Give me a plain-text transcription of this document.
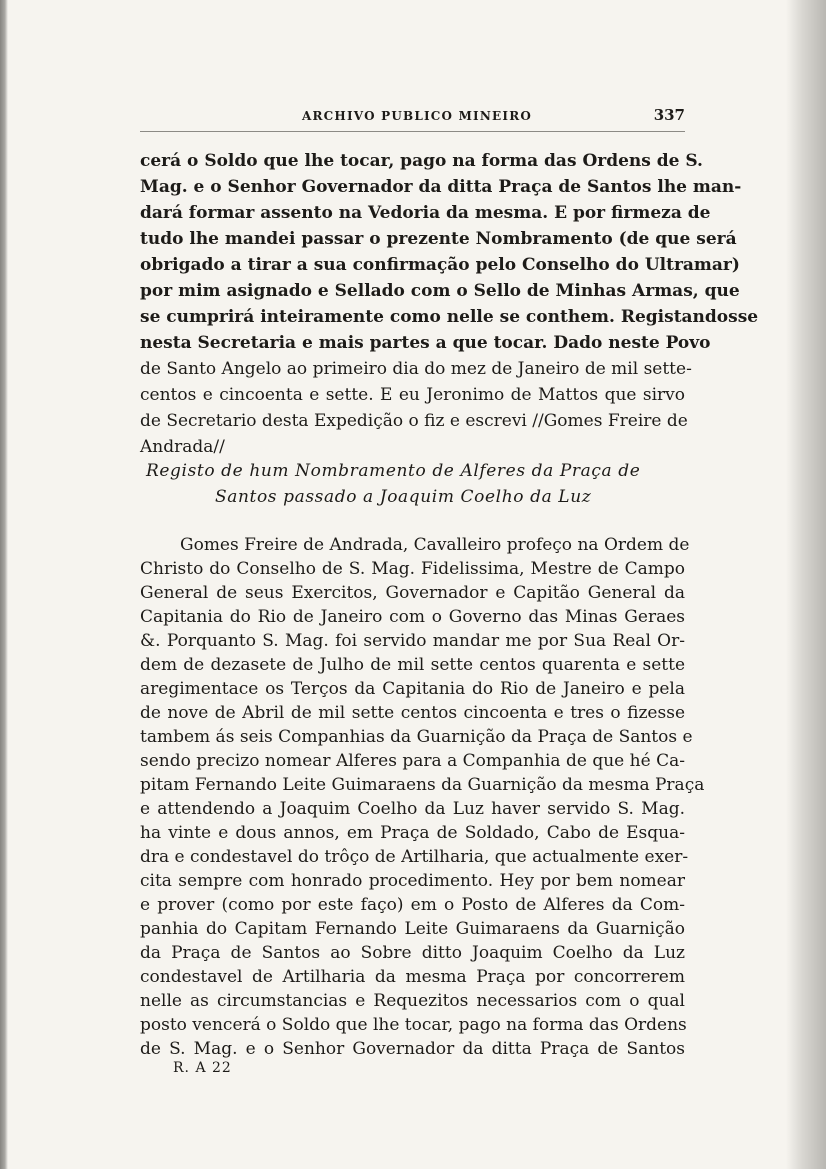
ARCHIVO PUBLICO MINEIRO	337
cerá o Soldo que lhe tocar, pago na forma das Ordens de S.
Mag. e o Senhor Governador da ditta Praça de Santos lhe man-
dará formar assento na Vedoria da mesma. E por firmeza de
tudo lhe mandei passar o prezente Nombramento (de que será
obrigado a tirar a sua confirmação pelo Conselho do Ultramar)
por mim asignado e Sellado com o Sello de Minhas Armas, que
se cumprirá inteiramente como nelle se conthem. Registandosse
nesta Secretaria e mais partes a que tocar. Dado neste Povo
de Santo Angelo ao primeiro dia do mez de Janeiro de mil sette-
centos e cincoenta e sette. E eu Jeronimo de Mattos que sirvo
de Secretario desta Expedição o fiz e escrevi //Gomes Freire de
Andrada//
Registo de hum Nombramento de Alferes da Praça de
Santos passado a Joaquim Coelho da Luz
Gomes Freire de Andrada, Cavalleiro profeço na Ordem de
Christo do Conselho de S. Mag. Fidelissima, Mestre de Campo
General de seus Exercitos, Governador e Capitão General da
Capitania do Rio de Janeiro com o Governo das Minas Geraes
&. Porquanto S. Mag. foi servido mandar me por Sua Real Or-
dem de dezasete de Julho de mil sette centos quarenta e sette
aregimentace os Terços da Capitania do Rio de Janeiro e pela
de nove de Abril de mil sette centos cincoenta e tres o fizesse
tambem ás seis Companhias da Guarnição da Praça de Santos e
sendo precizo nomear Alferes para a Companhia de que hé Ca-
pitam Fernando Leite Guimaraens da Guarnição da mesma Praça
e attendendo a Joaquim Coelho da Luz haver servido S. Mag.
ha vinte e dous annos, em Praça de Soldado, Cabo de Esqua-
dra e condestavel do trôço de Artilharia, que actualmente exer-
cita sempre com honrado procedimento. Hey por bem nomear
e prover (como por este faço) em o Posto de Alferes da Com-
panhia do Capitam Fernando Leite Guimaraens da Guarnição
da Praça de Santos ao Sobre ditto Joaquim Coelho da Luz
condestavel de Artilharia da mesma Praça por concorrerem
nelle as circumstancias e Requezitos necessarios com o qual
posto vencerá o Soldo que lhe tocar, pago na forma das Ordens
de S. Mag. e o Senhor Governador da ditta Praça de Santos
R. A 22
